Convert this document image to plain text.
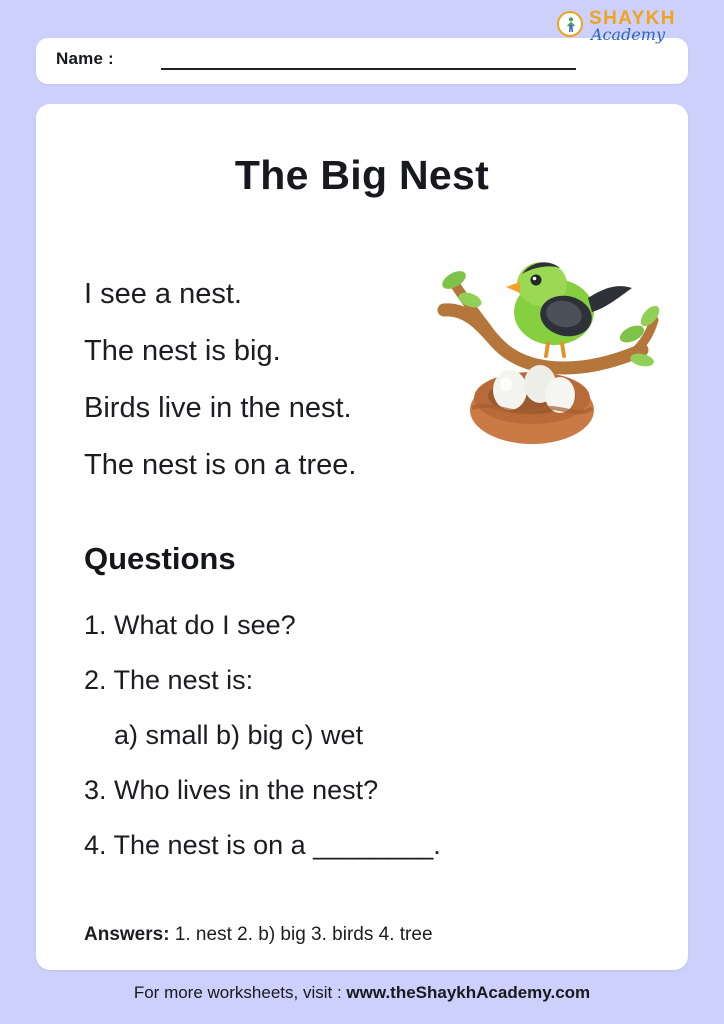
Name :
SHAYKH
Academy
The Big Nest
I see a nest.
The nest is big.
Birds live in the nest.
The nest is on a tree.
Questions
1. What do I see?
2. The nest is:
a) small b) big c) wet
3. Who lives in the nest?
4. The nest is on a ________.
Answers: 1. nest 2. b) big 3. birds 4. tree
For more worksheets, visit : www.theShaykhAcademy.com
